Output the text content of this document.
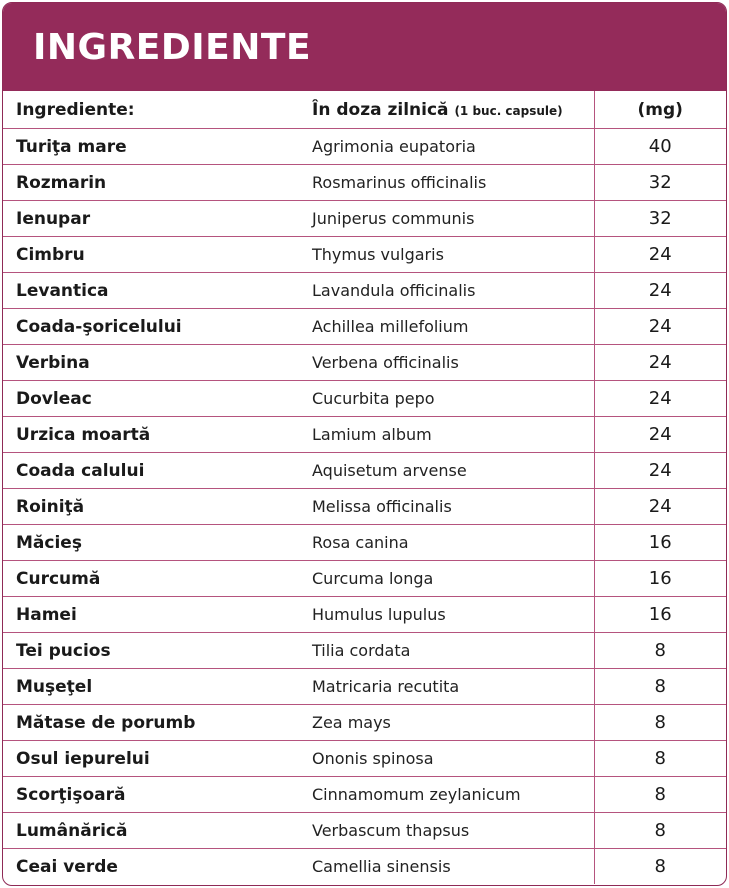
INGREDIENTE
Ingrediente:	În doza zilnică (1 buc. capsule)	(mg)
Turiţa mare	Agrimonia eupatoria	40
Rozmarin	Rosmarinus officinalis	32
Ienupar	Juniperus communis	32
Cimbru	Thymus vulgaris	24
Levantica	Lavandula officinalis	24
Coada-şoricelului	Achillea millefolium	24
Verbina	Verbena officinalis	24
Dovleac	Cucurbita pepo	24
Urzica moartă	Lamium album	24
Coada calului	Aquisetum arvense	24
Roiniţă	Melissa officinalis	24
Măcieş	Rosa canina	16
Curcumă	Curcuma longa	16
Hamei	Humulus lupulus	16
Tei pucios	Tilia cordata	8
Muşeţel	Matricaria recutita	8
Mătase de porumb	Zea mays	8
Osul iepurelui	Ononis spinosa	8
Scorţişoară	Cinnamomum zeylanicum	8
Lumânărică	Verbascum thapsus	8
Ceai verde	Camellia sinensis	8
